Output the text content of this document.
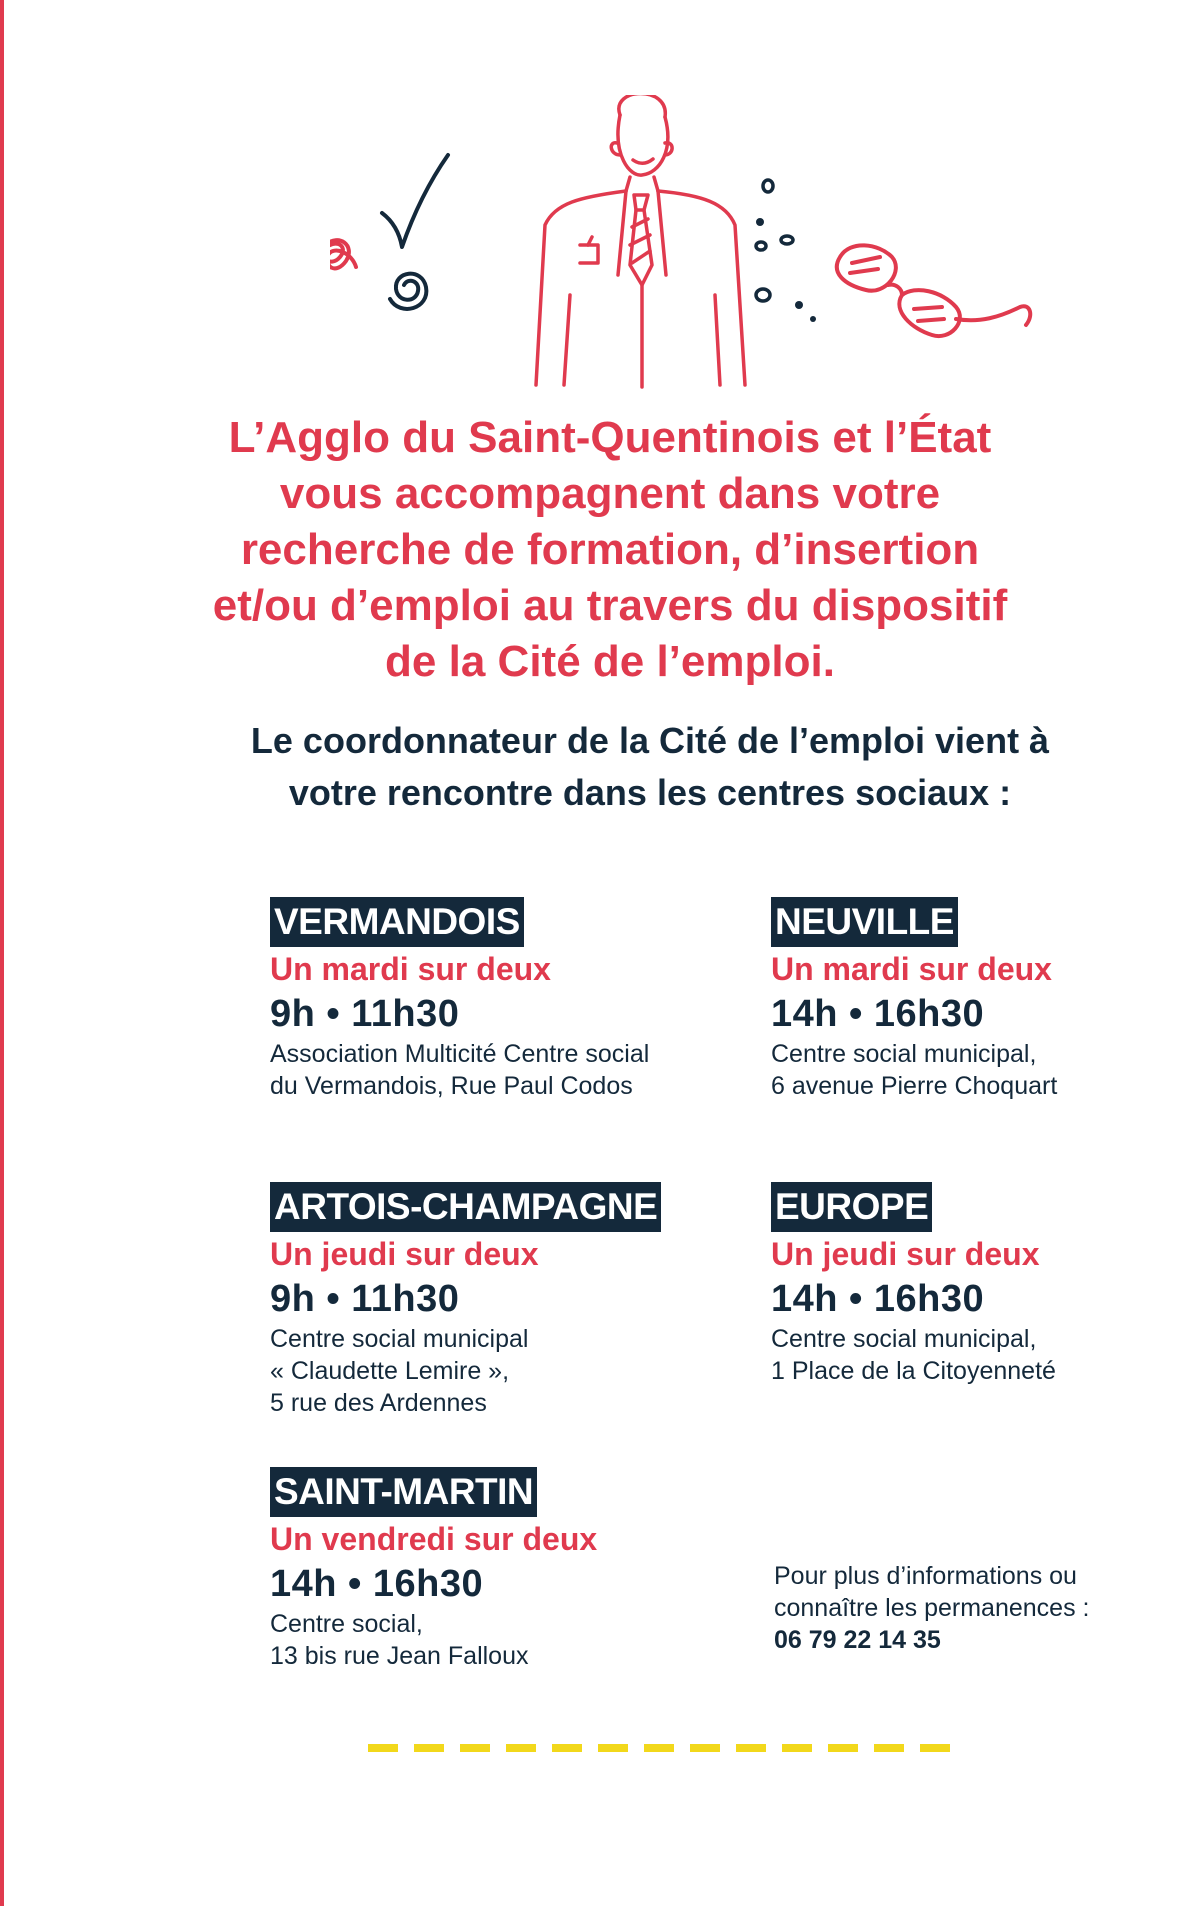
L’Agglo du Saint-Quentinois et l’État
vous accompagnent dans votre
recherche de formation, d’insertion
et/ou d’emploi au travers du dispositif
de la Cité de l’emploi.
Le coordonnateur de la Cité de l’emploi vient à
votre rencontre dans les centres sociaux :
VERMANDOIS
Un mardi sur deux
9h • 11h30
Association Multicité Centre social
du Vermandois, Rue Paul Codos
NEUVILLE
Un mardi sur deux
14h • 16h30
Centre social municipal,
6 avenue Pierre Choquart
ARTOIS-CHAMPAGNE
Un jeudi sur deux
9h • 11h30
Centre social municipal
« Claudette Lemire »,
5 rue des Ardennes
EUROPE
Un jeudi sur deux
14h • 16h30
Centre social municipal,
1 Place de la Citoyenneté
SAINT-MARTIN
Un vendredi sur deux
14h • 16h30
Centre social,
13 bis rue Jean Falloux
Pour plus d’informations ou
connaître les permanences :
06 79 22 14 35
